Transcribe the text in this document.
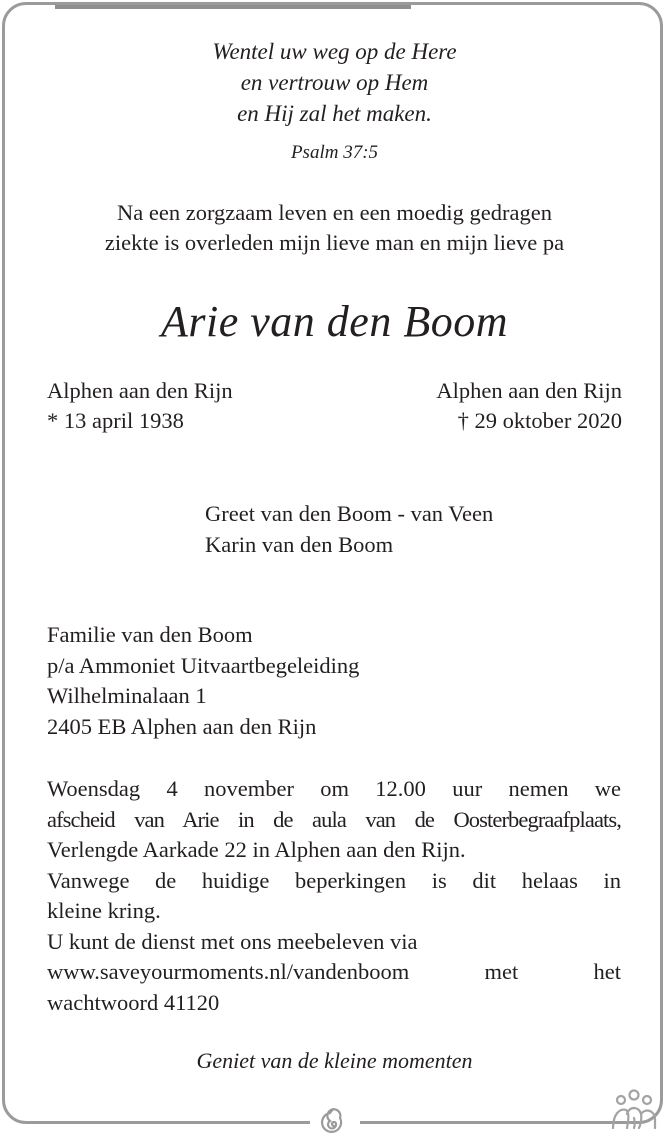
Wentel uw weg op de Here
en vertrouw op Hem
en Hij zal het maken.
Psalm 37:5
Na een zorgzaam leven en een moedig gedragen
ziekte is overleden mijn lieve man en mijn lieve pa
Arie van den Boom
Alphen aan den Rijn
* 13 april 1938
Alphen aan den Rijn
† 29 oktober 2020
Greet van den Boom - van Veen
Karin van den Boom
Familie van den Boom
p/a Ammoniet Uitvaartbegeleiding
Wilhelminalaan 1
2405 EB Alphen aan den Rijn
Woensdag 4 november om 12.00 uur nemen we
afscheid van Arie in de aula van de Oosterbegraafplaats,
Verlengde Aarkade 22 in Alphen aan den Rijn.
Vanwege de huidige beperkingen is dit helaas in
kleine kring.
U kunt de dienst met ons meebeleven via
www.saveyourmoments.nl/vandenboom met het
wachtwoord 41120
Geniet van de kleine momenten
